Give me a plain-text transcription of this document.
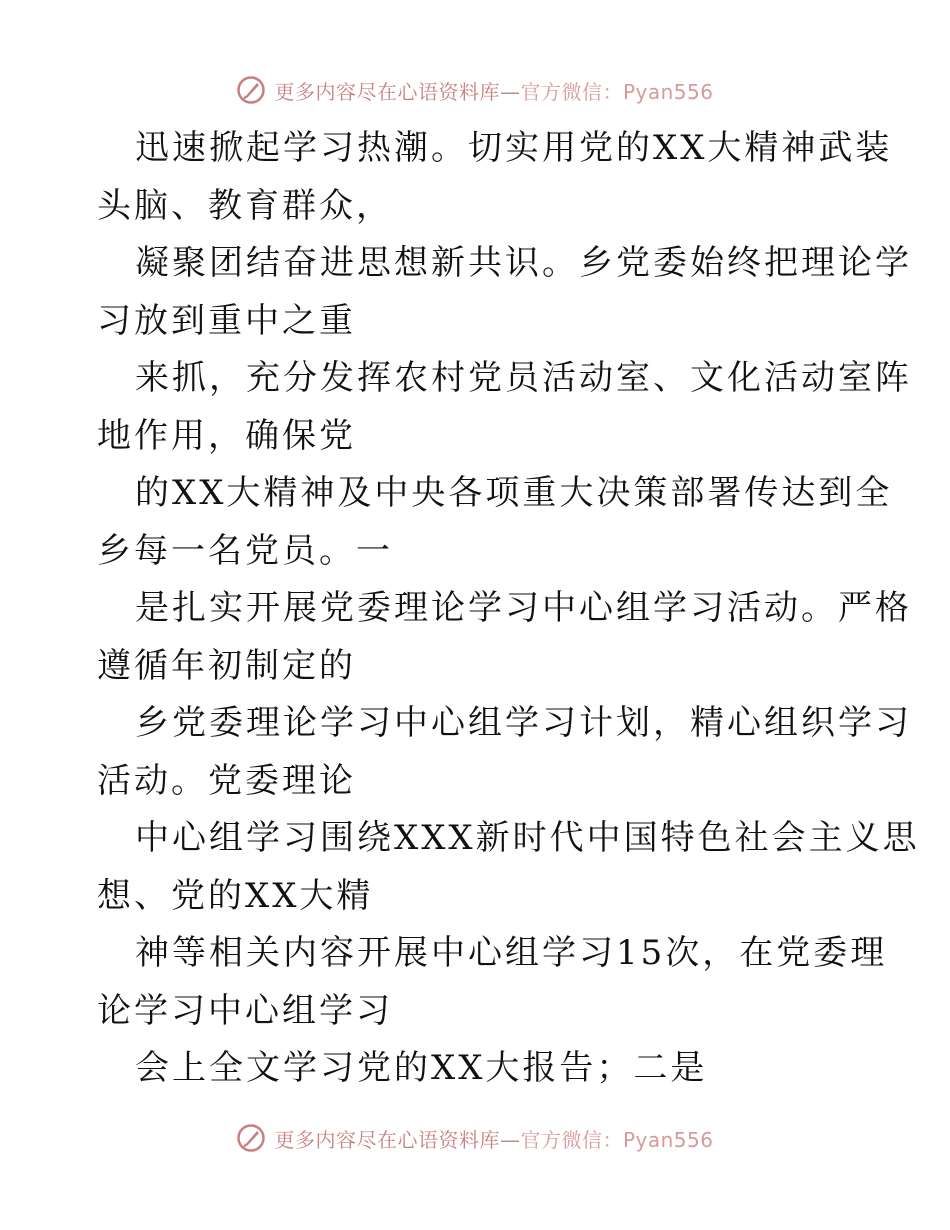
更多内容尽在心语资料库—官方微信：Pyan556
迅速掀起学习热潮。切实用党的XX大精神武装
头脑、教育群众，
凝聚团结奋进思想新共识。乡党委始终把理论学
习放到重中之重
来抓，充分发挥农村党员活动室、文化活动室阵
地作用，确保党
的XX大精神及中央各项重大决策部署传达到全
乡每一名党员。一
是扎实开展党委理论学习中心组学习活动。严格
遵循年初制定的
乡党委理论学习中心组学习计划，精心组织学习
活动。党委理论
中心组学习围绕XXX新时代中国特色社会主义思
想、党的XX大精
神等相关内容开展中心组学习15次，在党委理
论学习中心组学习
会上全文学习党的XX大报告；二是
更多内容尽在心语资料库—官方微信：Pyan556
